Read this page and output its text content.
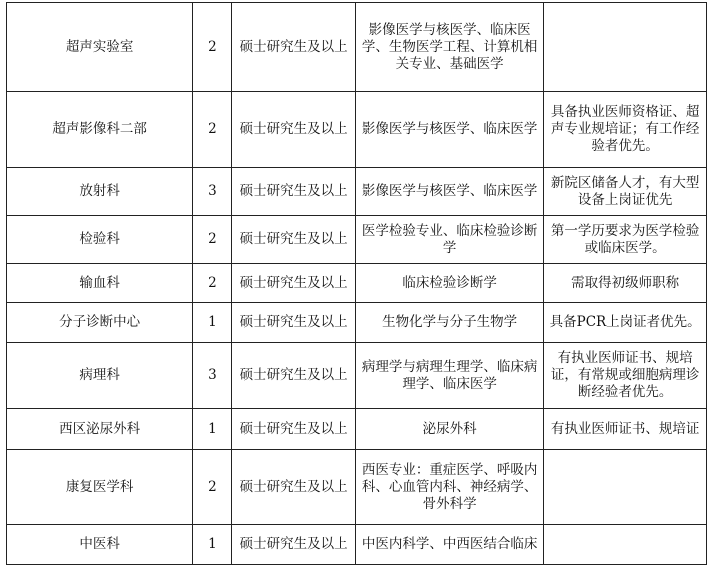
超声实验室	2	硕士研究生及以上	影像医学与核医学、临床医学、生物医学工程、计算机相关专业、基础医学	
超声影像科二部	2	硕士研究生及以上	影像医学与核医学、临床医学	具备执业医师资格证、超声专业规培证；有工作经验者优先。
放射科	3	硕士研究生及以上	影像医学与核医学、临床医学	新院区储备人才，有大型设备上岗证优先
检验科	2	硕士研究生及以上	医学检验专业、临床检验诊断学	第一学历要求为医学检验或临床医学。
输血科	2	硕士研究生及以上	临床检验诊断学	需取得初级师职称
分子诊断中心	1	硕士研究生及以上	生物化学与分子生物学	具备PCR上岗证者优先。
病理科	3	硕士研究生及以上	病理学与病理生理学、临床病理学、临床医学	有执业医师证书、规培证，有常规或细胞病理诊断经验者优先。
西区泌尿外科	1	硕士研究生及以上	泌尿外科	有执业医师证书、规培证
康复医学科	2	硕士研究生及以上	西医专业：重症医学、呼吸内科、心血管内科、神经病学、骨外科学	
中医科	1	硕士研究生及以上	中医内科学、中西医结合临床	
